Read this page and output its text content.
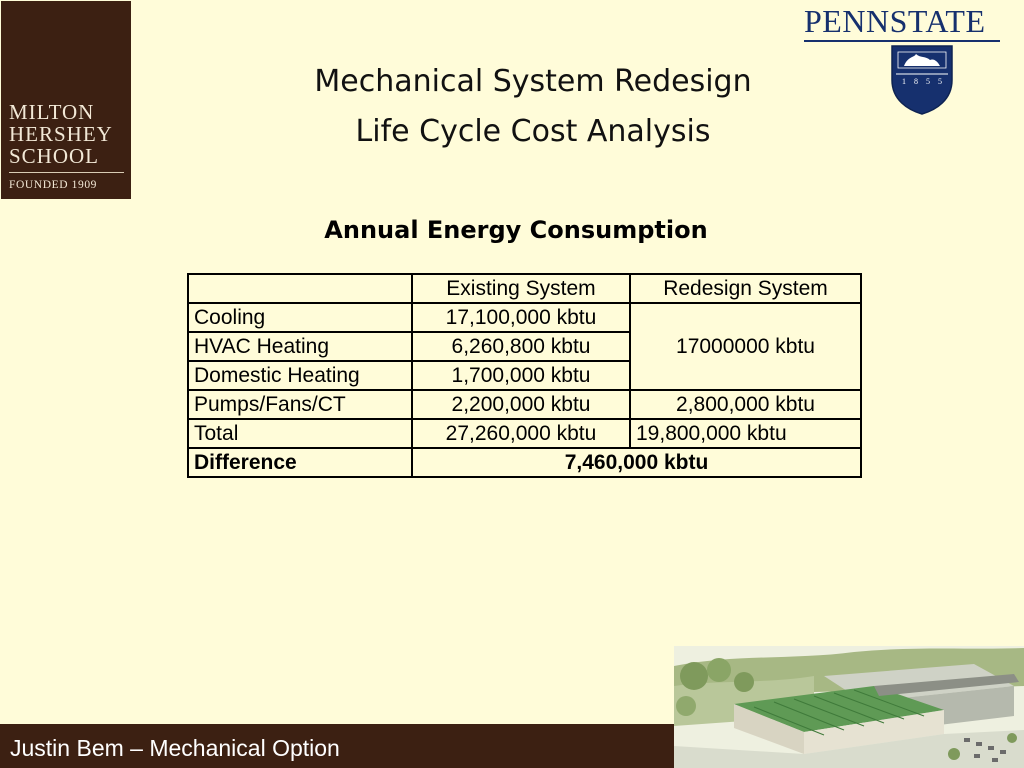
MILTON
HERSHEY
SCHOOL
FOUNDED 1909
PENNSTATE
1 8 5 5
Mechanical System Redesign
Life Cycle Cost Analysis
Annual Energy Consumption
	Existing System	Redesign System
Cooling	17,100,000 kbtu	17000000 kbtu
HVAC Heating	6,260,800 kbtu	
Domestic Heating	1,700,000 kbtu	
Pumps/Fans/CT	2,200,000 kbtu	2,800,000 kbtu
Total	27,260,000 kbtu	19,800,000 kbtu
Difference	7,460,000 kbtu	
Justin Bem – Mechanical Option
